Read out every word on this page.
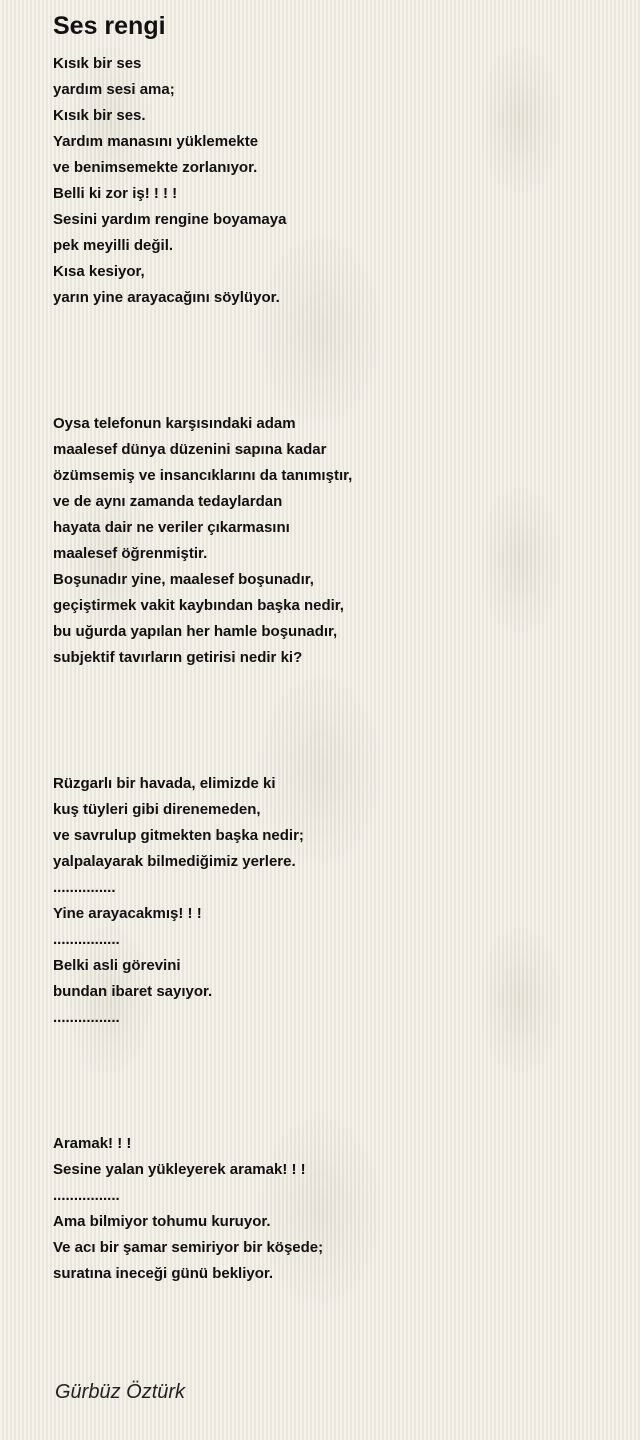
Ses rengi
Kısık bir ses
yardım sesi ama;
Kısık bir ses.
Yardım manasını yüklemekte
ve benimsemekte zorlanıyor.
Belli ki zor iş! ! ! !
Sesini yardım rengine boyamaya
pek meyilli değil.
Kısa kesiyor,
yarın yine arayacağını söylüyor.
Oysa telefonun karşısındaki adam
maalesef dünya düzenini sapına kadar
özümsemiş ve insancıklarını da tanımıştır,
ve de aynı zamanda tedaylardan
hayata dair ne veriler çıkarmasını
maalesef öğrenmiştir.
Boşunadır yine, maalesef boşunadır,
geçiştirmek vakit kaybından başka nedir,
bu uğurda yapılan her hamle boşunadır,
subjektif tavırların getirisi nedir ki?
Rüzgarlı bir havada, elimizde ki
kuş tüyleri gibi direnemeden,
ve savrulup gitmekten başka nedir;
yalpalayarak bilmediğimiz yerlere.
...............
Yine arayacakmış! ! !
................
Belki asli görevini
bundan ibaret sayıyor.
................
Aramak! ! !
Sesine yalan yükleyerek aramak! ! !
................
Ama bilmiyor tohumu kuruyor.
Ve acı bir şamar semiriyor bir köşede;
suratına ineceği günü bekliyor.
Gürbüz Öztürk
